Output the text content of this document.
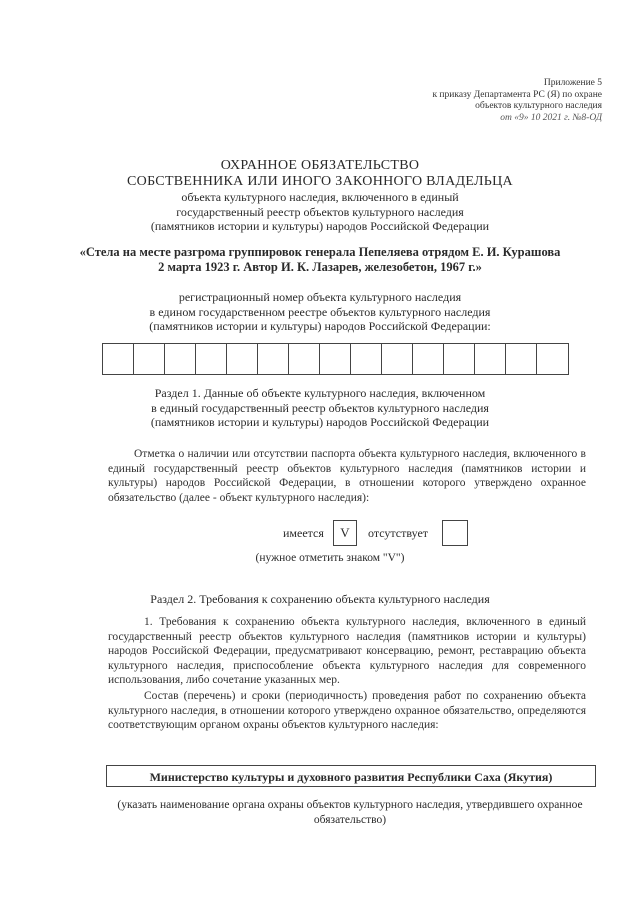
Приложение 5
к приказу Департамента РС (Я) по охране
объектов культурного наследия
от «9» 10 2021 г. №8-ОД
ОХРАННОЕ ОБЯЗАТЕЛЬСТВО
СОБСТВЕННИКА ИЛИ ИНОГО ЗАКОННОГО ВЛАДЕЛЬЦА
объекта культурного наследия, включенного в единый
государственный реестр объектов культурного наследия
(памятников истории и культуры) народов Российской Федерации
«Стела на месте разгрома группировок генерала Пепеляева отрядом Е. И. Курашова
2 марта 1923 г. Автор И. К. Лазарев, железобетон, 1967 г.»
регистрационный номер объекта культурного наследия
в едином государственном реестре объектов культурного наследия
(памятников истории и культуры) народов Российской Федерации:
Раздел 1. Данные об объекте культурного наследия, включенном
в единый государственный реестр объектов культурного наследия
(памятников истории и культуры) народов Российской Федерации
Отметка о наличии или отсутствии паспорта объекта культурного наследия, включенного в единый государственный реестр объектов культурного наследия (памятников истории и культуры) народов Российской Федерации, в отношении которого утверждено охранное обязательство (далее - объект культурного наследия):
имеется	V	отсутствует
(нужное отметить знаком "V")
Раздел 2. Требования к сохранению объекта культурного наследия
1. Требования к сохранению объекта культурного наследия, включенного в единый государственный реестр объектов культурного наследия (памятников истории и культуры) народов Российской Федерации, предусматривают консервацию, ремонт, реставрацию объекта культурного наследия, приспособление объекта культурного наследия для современного использования, либо сочетание указанных мер.
Состав (перечень) и сроки (периодичность) проведения работ по сохранению объекта культурного наследия, в отношении которого утверждено охранное обязательство, определяются соответствующим органом охраны объектов культурного наследия:
Министерство культуры и духовного развития Республики Саха (Якутия)
(указать наименование органа охраны объектов культурного наследия, утвердившего охранное обязательство)
